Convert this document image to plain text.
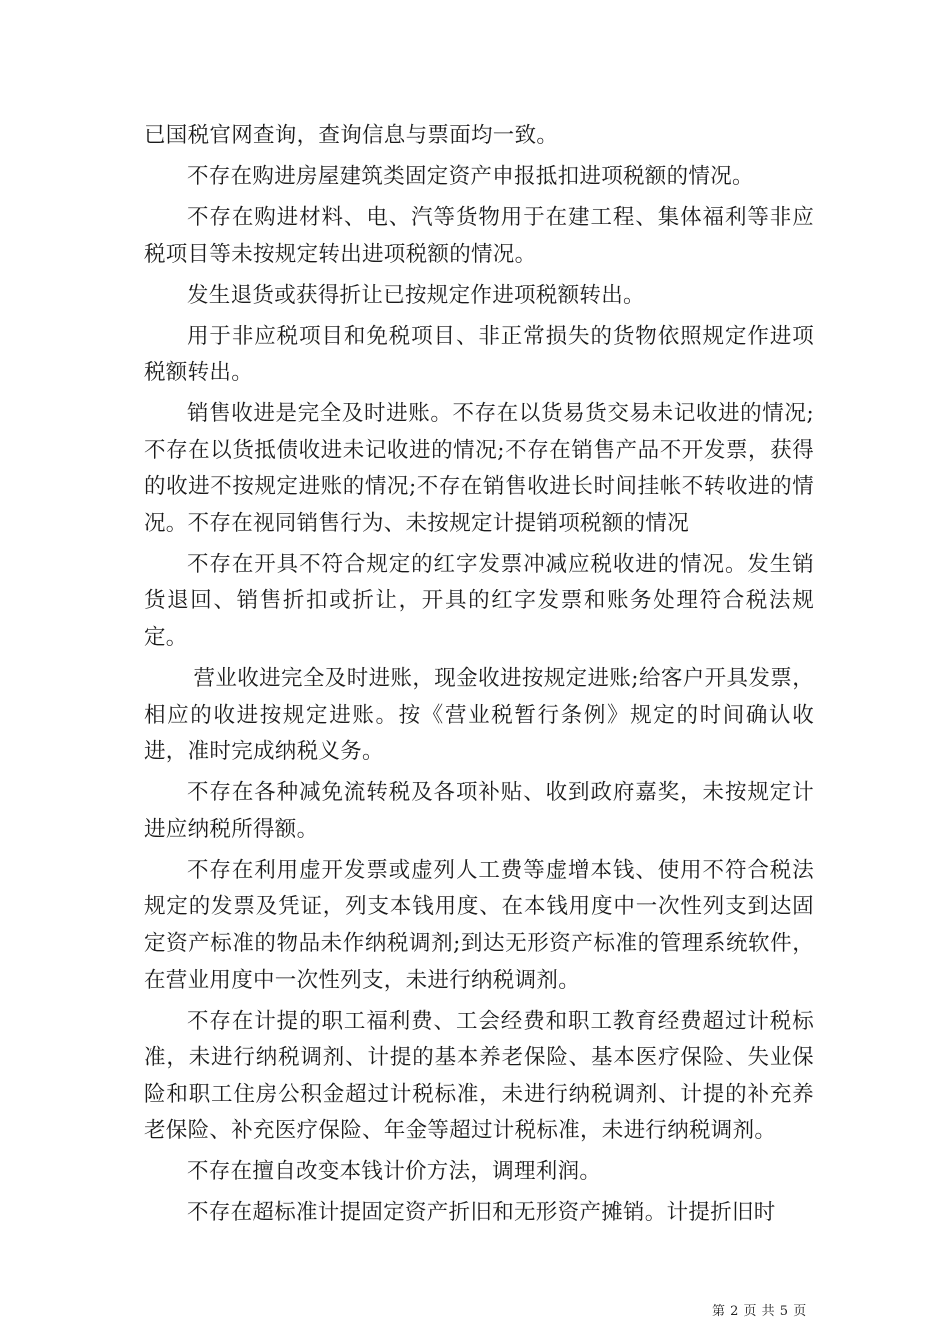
已国税官网查询，查询信息与票面均一致。

不存在购进房屋建筑类固定资产申报抵扣进项税额的情况。

不存在购进材料、电、汽等货物用于在建工程、集体福利等非应税项目等未按规定转出进项税额的情况。

发生退货或获得折让已按规定作进项税额转出。

用于非应税项目和免税项目、非正常损失的货物依照规定作进项税额转出。

销售收进是完全及时进账。不存在以货易货交易未记收进的情况;不存在以货抵债收进未记收进的情况;不存在销售产品不开发票，获得的收进不按规定进账的情况;不存在销售收进长时间挂帐不转收进的情况。不存在视同销售行为、未按规定计提销项税额的情况

不存在开具不符合规定的红字发票冲减应税收进的情况。发生销货退回、销售折扣或折让，开具的红字发票和账务处理符合税法规定。

营业收进完全及时进账，现金收进按规定进账;给客户开具发票，相应的收进按规定进账。按《营业税暂行条例》规定的时间确认收进，准时完成纳税义务。

不存在各种减免流转税及各项补贴、收到政府嘉奖，未按规定计进应纳税所得额。

不存在利用虚开发票或虚列人工费等虚增本钱、使用不符合税法规定的发票及凭证，列支本钱用度、在本钱用度中一次性列支到达固定资产标准的物品未作纳税调剂;到达无形资产标准的管理系统软件，在营业用度中一次性列支，未进行纳税调剂。

不存在计提的职工福利费、工会经费和职工教育经费超过计税标准，未进行纳税调剂、计提的基本养老保险、基本医疗保险、失业保险和职工住房公积金超过计税标准，未进行纳税调剂、计提的补充养老保险、补充医疗保险、年金等超过计税标准，未进行纳税调剂。

不存在擅自改变本钱计价方法，调理利润。

不存在超标准计提固定资产折旧和无形资产摊销。计提折旧时

第 2 页 共 5 页
